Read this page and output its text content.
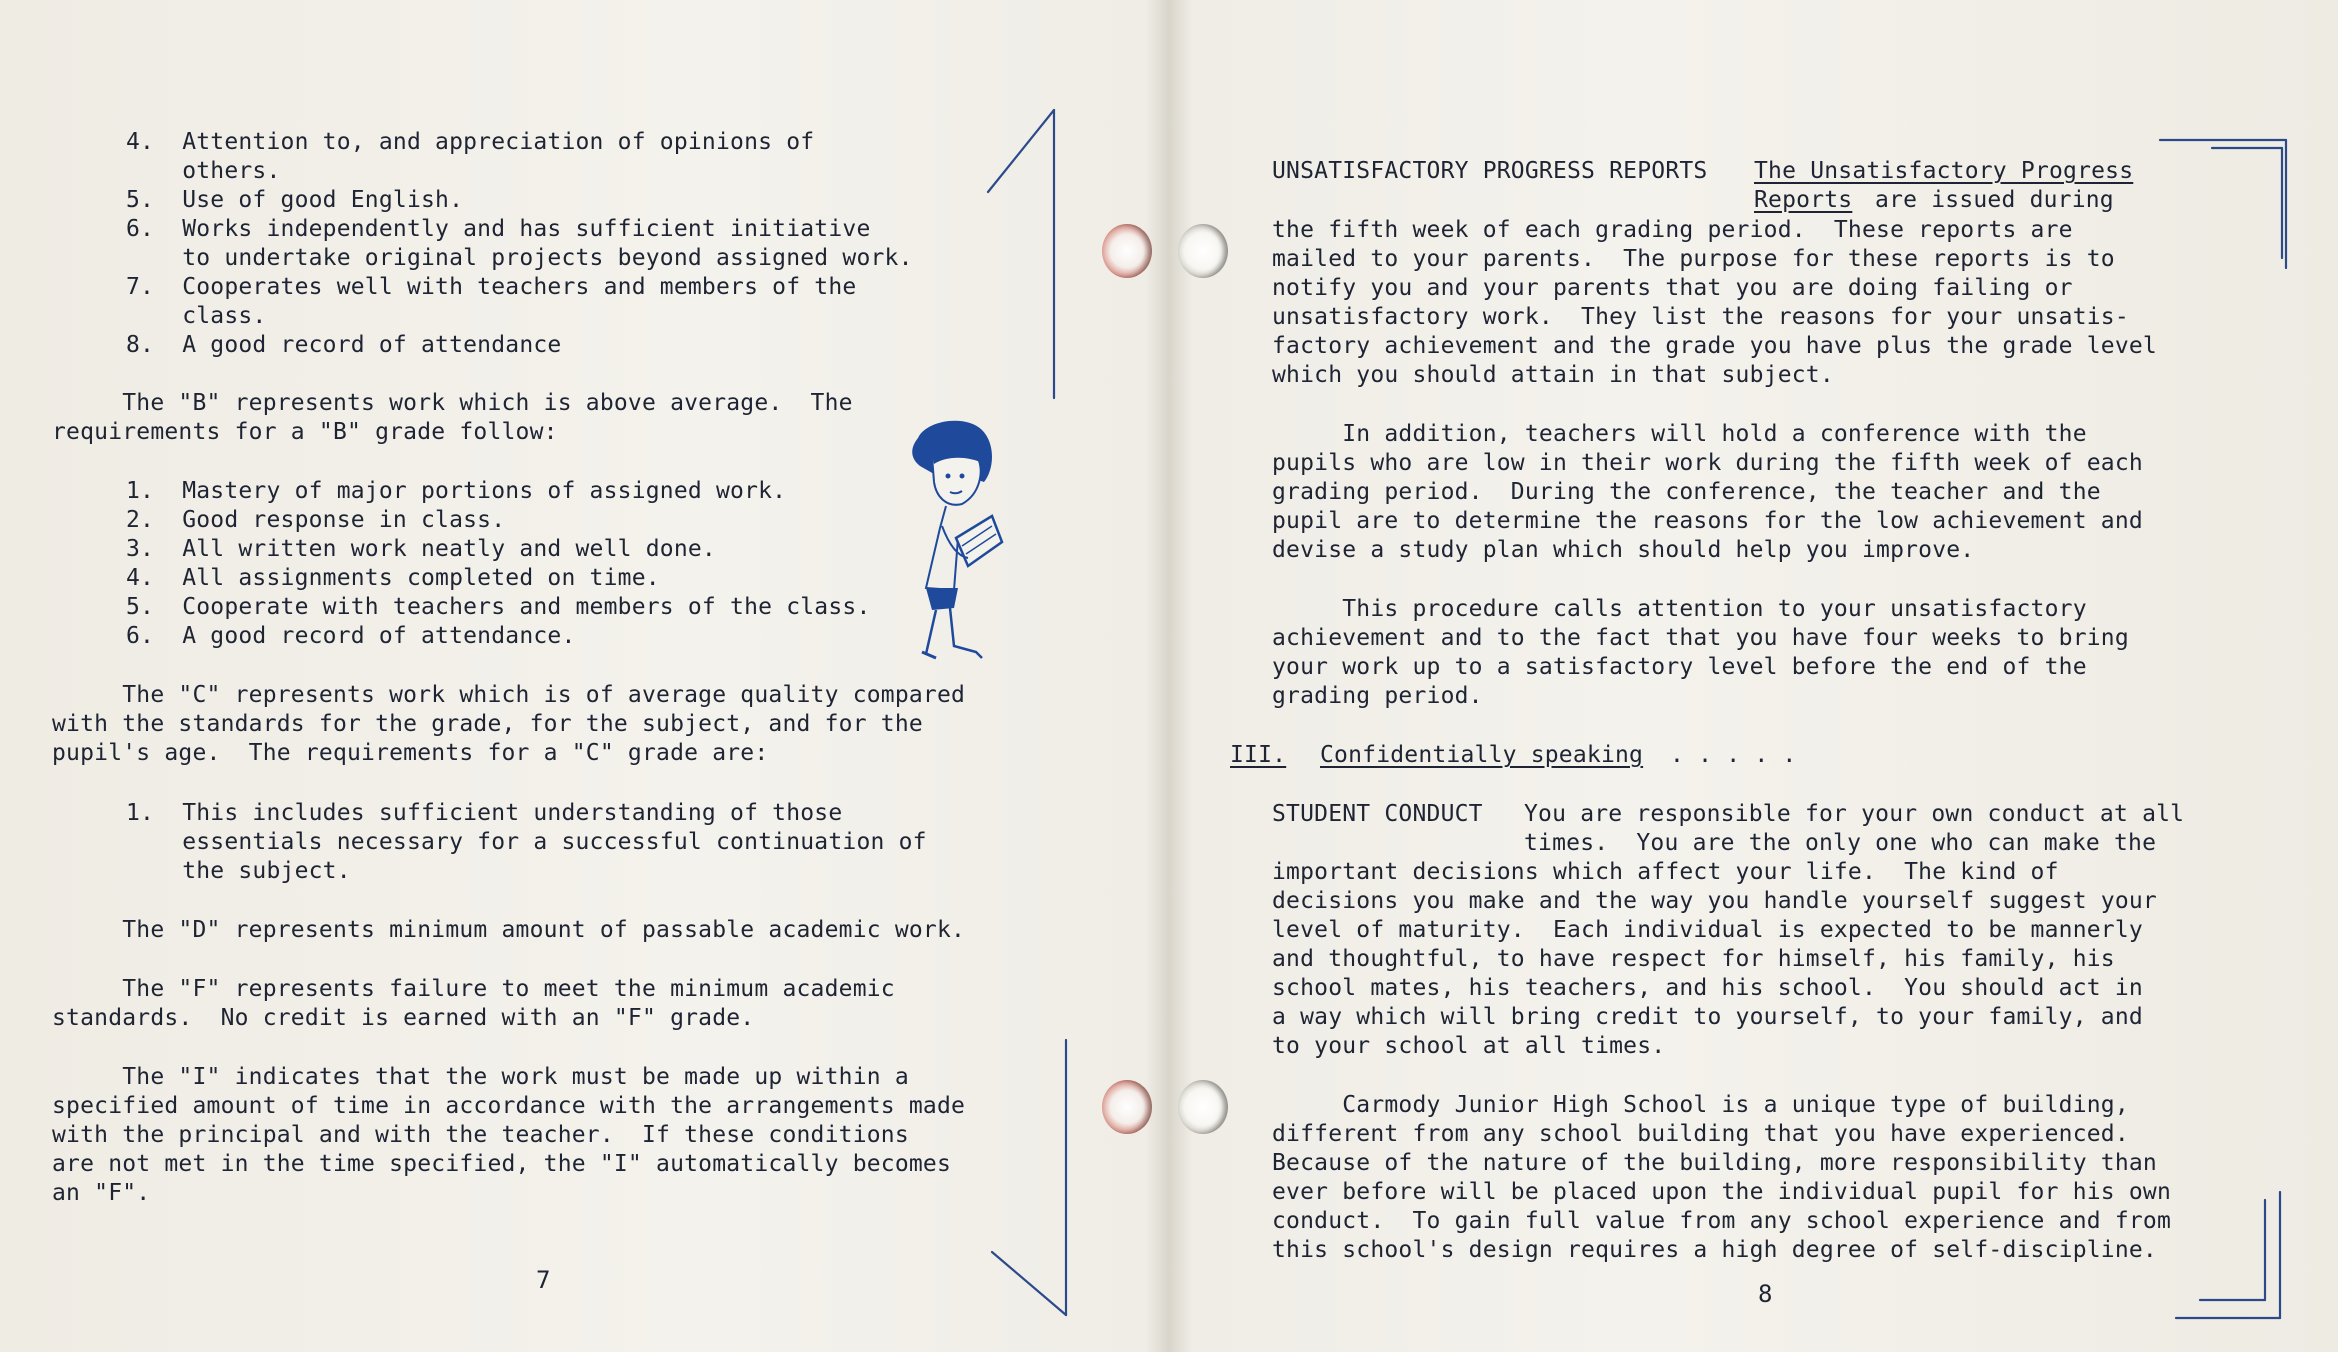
4.  Attention to, and appreciation of opinions of
others.
5.  Use of good English.
6.  Works independently and has sufficient initiative
to undertake original projects beyond assigned work.
7.  Cooperates well with teachers and members of the
class.
8.  A good record of attendance
The "B" represents work which is above average.  The
requirements for a "B" grade follow:
1.  Mastery of major portions of assigned work.
2.  Good response in class.
3.  All written work neatly and well done.
4.  All assignments completed on time.
5.  Cooperate with teachers and members of the class.
6.  A good record of attendance.
The "C" represents work which is of average quality compared
with the standards for the grade, for the subject, and for the
pupil's age.  The requirements for a "C" grade are:
1.  This includes sufficient understanding of those
essentials necessary for a successful continuation of
the subject.
The "D" represents minimum amount of passable academic work.
The "F" represents failure to meet the minimum academic
standards.  No credit is earned with an "F" grade.
The "I" indicates that the work must be made up within a
specified amount of time in accordance with the arrangements made
with the principal and with the teacher.  If these conditions
are not met in the time specified, the "I" automatically becomes
an "F".
7
UNSATISFACTORY PROGRESS REPORTS The Unsatisfactory Progress
Reports are issued during
the fifth week of each grading period.  These reports are
mailed to your parents.  The purpose for these reports is to
notify you and your parents that you are doing failing or
unsatisfactory work.  They list the reasons for your unsatis-
factory achievement and the grade you have plus the grade level
which you should attain in that subject.
In addition, teachers will hold a conference with the
pupils who are low in their work during the fifth week of each
grading period.  During the conference, the teacher and the
pupil are to determine the reasons for the low achievement and
devise a study plan which should help you improve.
This procedure calls attention to your unsatisfactory
achievement and to the fact that you have four weeks to bring
your work up to a satisfactory level before the end of the
grading period.
III. Confidentially speaking . . . . .
STUDENT CONDUCT You are responsible for your own conduct at all
times.  You are the only one who can make the
important decisions which affect your life.  The kind of
decisions you make and the way you handle yourself suggest your
level of maturity.  Each individual is expected to be mannerly
and thoughtful, to have respect for himself, his family, his
school mates, his teachers, and his school.  You should act in
a way which will bring credit to yourself, to your family, and
to your school at all times.
Carmody Junior High School is a unique type of building,
different from any school building that you have experienced.
Because of the nature of the building, more responsibility than
ever before will be placed upon the individual pupil for his own
conduct.  To gain full value from any school experience and from
this school's design requires a high degree of self-discipline.
8
